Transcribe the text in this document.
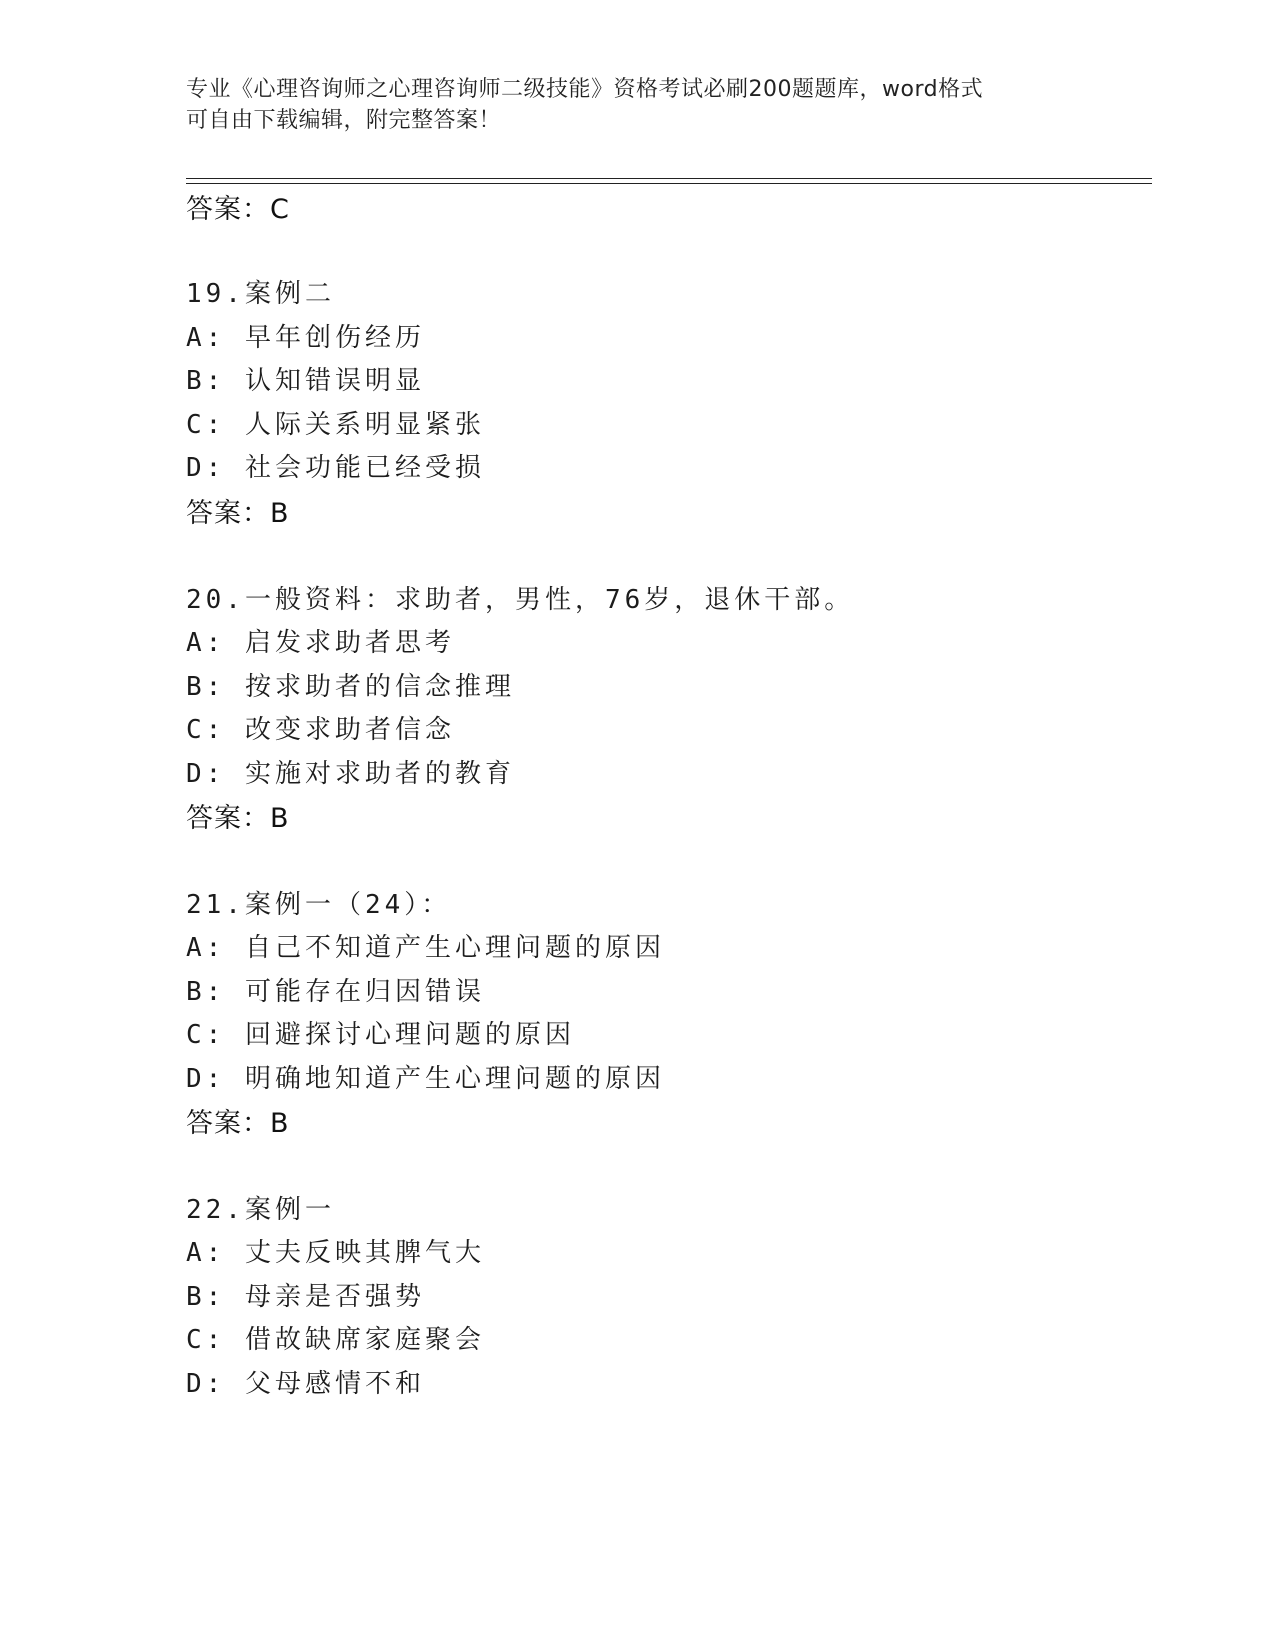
专业《心理咨询师之心理咨询师二级技能》资格考试必刷200题题库，word格式
可自由下载编辑，附完整答案！
答案：C
19.案例二
A: 早年创伤经历
B: 认知错误明显
C: 人际关系明显紧张
D: 社会功能已经受损
答案：B
20.一般资料：求助者，男性，76岁，退休干部。
A: 启发求助者思考
B: 按求助者的信念推理
C: 改变求助者信念
D: 实施对求助者的教育
答案：B
21.案例一（24）：
A: 自己不知道产生心理问题的原因
B: 可能存在归因错误
C: 回避探讨心理问题的原因
D: 明确地知道产生心理问题的原因
答案：B
22.案例一
A: 丈夫反映其脾气大
B: 母亲是否强势
C: 借故缺席家庭聚会
D: 父母感情不和
